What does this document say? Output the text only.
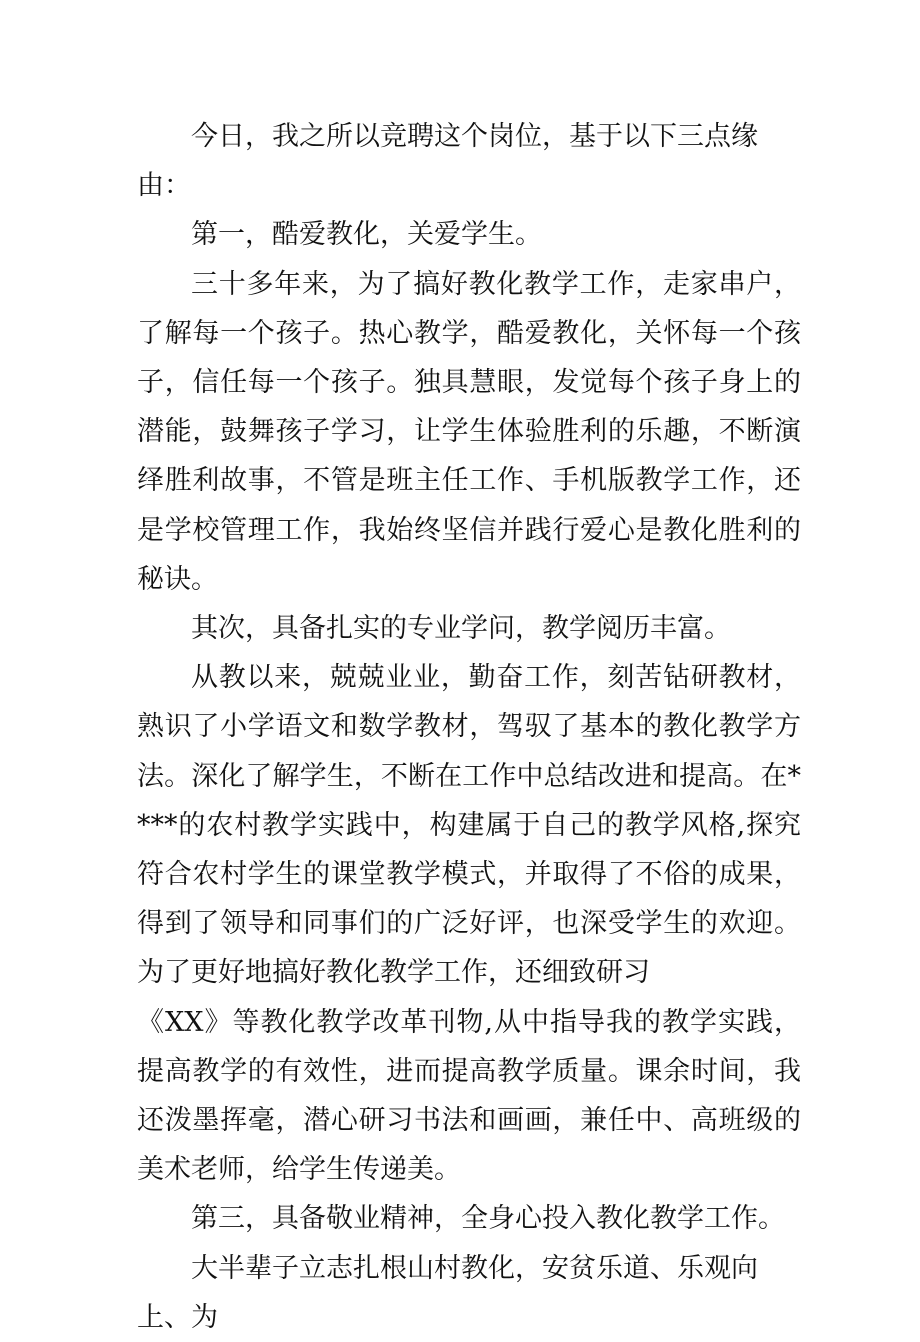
今日，我之所以竞聘这个岗位，基于以下三点缘由：

第一，酷爱教化，关爱学生。

三十多年来，为了搞好教化教学工作，走家串户，了解每一个孩子。热心教学，酷爱教化，关怀每一个孩子，信任每一个孩子。独具慧眼，发觉每个孩子身上的潜能，鼓舞孩子学习，让学生体验胜利的乐趣，不断演绎胜利故事，不管是班主任工作、手机版教学工作，还是学校管理工作，我始终坚信并践行爱心是教化胜利的秘诀。

其次，具备扎实的专业学问，教学阅历丰富。

从教以来，兢兢业业，勤奋工作，刻苦钻研教材，熟识了小学语文和数学教材，驾驭了基本的教化教学方法。深化了解学生，不断在工作中总结改进和提高。在****的农村教学实践中，构建属于自己的教学风格,探究符合农村学生的课堂教学模式，并取得了不俗的成果，得到了领导和同事们的广泛好评，也深受学生的欢迎。为了更好地搞好教化教学工作，还细致研习

《XX》等教化教学改革刊物,从中指导我的教学实践，提高教学的有效性，进而提高教学质量。课余时间，我还泼墨挥毫，潜心研习书法和画画，兼任中、高班级的美术老师，给学生传递美。

第三，具备敬业精神，全身心投入教化教学工作。

大半辈子立志扎根山村教化，安贫乐道、乐观向上、为
